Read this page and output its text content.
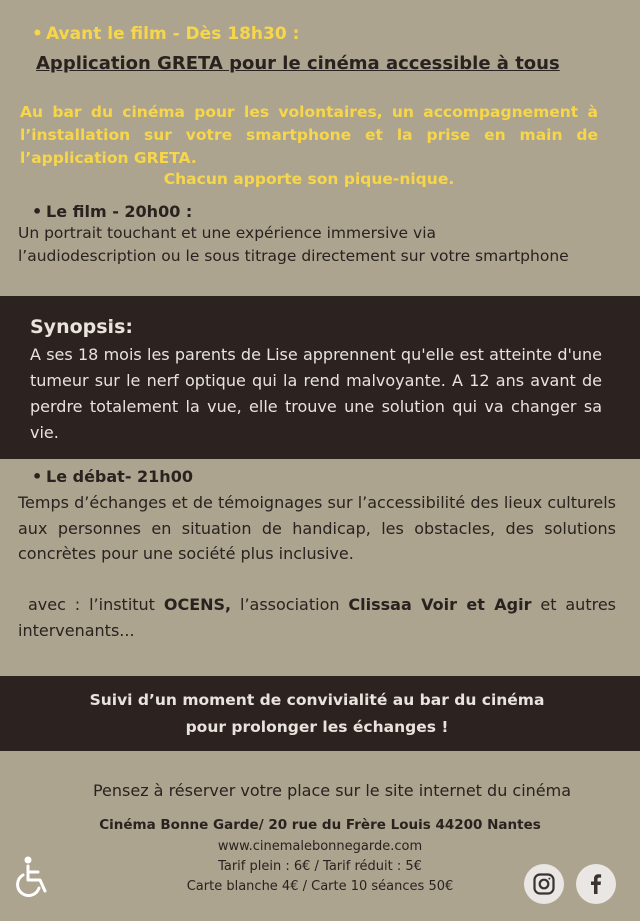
• Avant le film - Dès 18h30 :
Application GRETA pour le cinéma accessible à tous
Au bar du cinéma pour les volontaires, un accompagnement à l’installation sur votre smartphone et la prise en main de l’application GRETA.
Chacun apporte son pique-nique.
• Le film - 20h00 :
Un portrait touchant et une expérience immersive via l’audiodescription ou le sous titrage directement sur votre smartphone
Synopsis:
A ses 18 mois les parents de Lise apprennent qu'elle est atteinte d'une tumeur sur le nerf optique qui la rend malvoyante. A 12 ans avant de perdre totalement la vue, elle trouve une solution qui va changer sa vie.
• Le débat- 21h00
Temps d’échanges et de témoignages sur l’accessibilité des lieux culturels aux personnes en situation de handicap, les obstacles, des solutions concrètes pour une société plus inclusive.
avec : l’institut OCENS, l’association Clissaa Voir et Agir et autres intervenants...
Suivi d’un moment de convivialité au bar du cinéma
pour prolonger les échanges !
Pensez à réserver votre place sur le site internet du cinéma
Cinéma Bonne Garde/ 20 rue du Frère Louis 44200 Nantes
www.cinemalebonnegarde.com
Tarif plein : 6€ / Tarif réduit : 5€
Carte blanche 4€ / Carte 10 séances 50€
